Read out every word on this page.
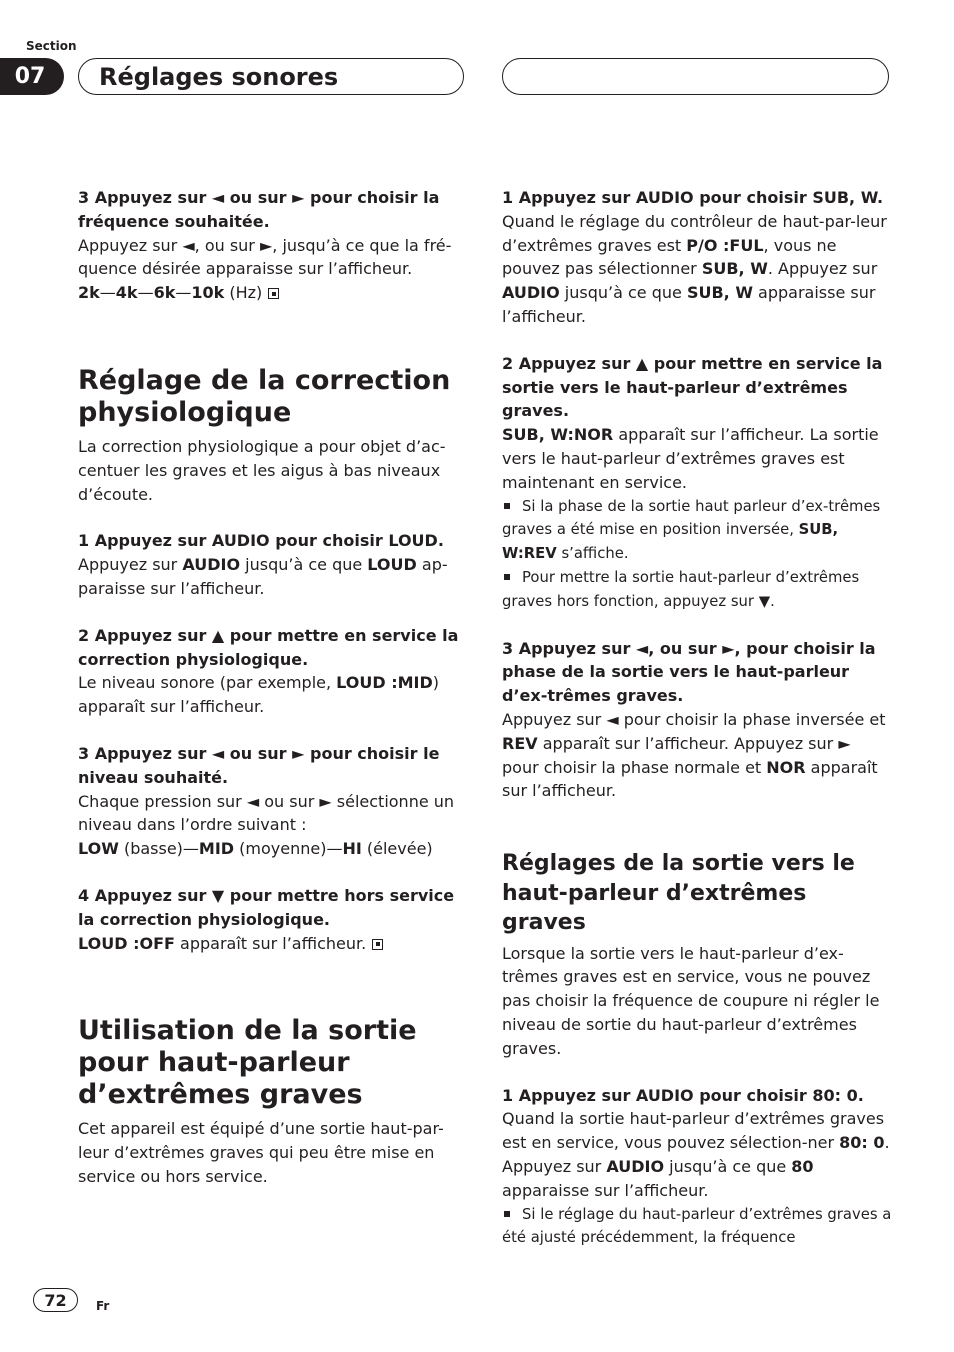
Section
07	Réglages sonores

3 Appuyez sur ◄ ou sur ► pour choisir la fréquence souhaitée.

Appuyez sur ◄, ou sur ►, jusqu’à ce que la fré-quence désirée apparaisse sur l’afficheur.

2k—4k—6k—10k (Hz)

Réglage de la correction physiologique

La correction physiologique a pour objet d’ac-centuer les graves et les aigus à bas niveaux d’écoute.

1 Appuyez sur AUDIO pour choisir LOUD.

Appuyez sur AUDIO jusqu’à ce que LOUD ap-paraisse sur l’afficheur.

2 Appuyez sur ▲ pour mettre en service la correction physiologique.

Le niveau sonore (par exemple, LOUD :MID) apparaît sur l’afficheur.

3 Appuyez sur ◄ ou sur ► pour choisir le niveau souhaité.

Chaque pression sur ◄ ou sur ► sélectionne un niveau dans l’ordre suivant :

LOW (basse)—MID (moyenne)—HI (élevée)

4 Appuyez sur ▼ pour mettre hors service la correction physiologique.

LOUD :OFF apparaît sur l’afficheur.

Utilisation de la sortie pour haut-parleur d’extrêmes graves

Cet appareil est équipé d’une sortie haut-par-leur d’extrêmes graves qui peu être mise en service ou hors service.

1 Appuyez sur AUDIO pour choisir SUB, W.

Quand le réglage du contrôleur de haut-par-leur d’extrêmes graves est P/O :FUL, vous ne pouvez pas sélectionner SUB, W. Appuyez sur AUDIO jusqu’à ce que SUB, W apparaisse sur l’afficheur.

2 Appuyez sur ▲ pour mettre en service la sortie vers le haut-parleur d’extrêmes graves.

SUB, W:NOR apparaît sur l’afficheur. La sortie vers le haut-parleur d’extrêmes graves est maintenant en service.

Si la phase de la sortie haut parleur d’ex-trêmes graves a été mise en position inversée, SUB, W:REV s’affiche.

Pour mettre la sortie haut-parleur d’extrêmes graves hors fonction, appuyez sur ▼.

3 Appuyez sur ◄, ou sur ►, pour choisir la phase de la sortie vers le haut-parleur d’ex-trêmes graves.

Appuyez sur ◄ pour choisir la phase inversée et REV apparaît sur l’afficheur. Appuyez sur ► pour choisir la phase normale et NOR apparaît sur l’afficheur.

Réglages de la sortie vers le haut-parleur d’extrêmes graves

Lorsque la sortie vers le haut-parleur d’ex-trêmes graves est en service, vous ne pouvez pas choisir la fréquence de coupure ni régler le niveau de sortie du haut-parleur d’extrêmes graves.

1 Appuyez sur AUDIO pour choisir 80: 0.

Quand la sortie haut-parleur d’extrêmes graves est en service, vous pouvez sélection-ner 80: 0. Appuyez sur AUDIO jusqu’à ce que 80 apparaisse sur l’afficheur.

Si le réglage du haut-parleur d’extrêmes graves a été ajusté précédemment, la fréquence

72	Fr
